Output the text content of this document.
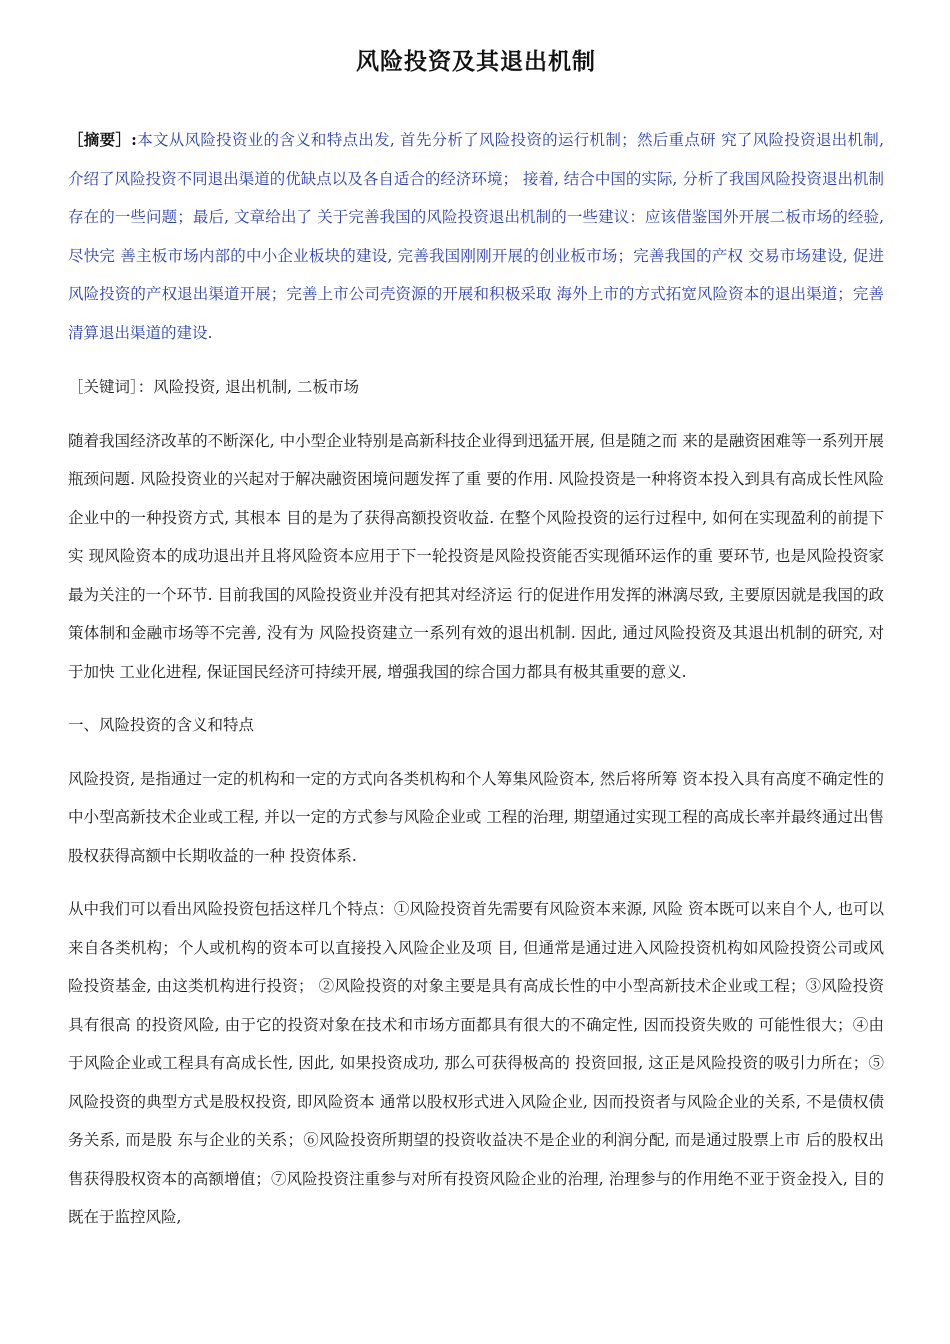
风险投资及其退出机制
［摘要］:本文从风险投资业的含义和特点出发, 首先分析了风险投资的运行机制；然后重点研 究了风险投资退出机制, 介绍了风险投资不同退出渠道的优缺点以及各自适合的经济环境； 接着, 结合中国的实际, 分析了我国风险投资退出机制存在的一些问题；最后, 文章给出了 关于完善我国的风险投资退出机制的一些建议：应该借鉴国外开展二板市场的经验, 尽快完 善主板市场内部的中小企业板块的建设, 完善我国刚刚开展的创业板市场；完善我国的产权 交易市场建设, 促进风险投资的产权退出渠道开展；完善上市公司壳资源的开展和积极采取 海外上市的方式拓宽风险资本的退出渠道；完善清算退出渠道的建设.
［关键词］：风险投资, 退出机制, 二板市场
随着我国经济改革的不断深化, 中小型企业特别是高新科技企业得到迅猛开展, 但是随之而 来的是融资困难等一系列开展瓶颈问题. 风险投资业的兴起对于解决融资困境问题发挥了重 要的作用. 风险投资是一种将资本投入到具有高成长性风险企业中的一种投资方式, 其根本 目的是为了获得高额投资收益. 在整个风险投资的运行过程中, 如何在实现盈利的前提下实 现风险资本的成功退出并且将风险资本应用于下一轮投资是风险投资能否实现循环运作的重 要环节, 也是风险投资家最为关注的一个环节. 目前我国的风险投资业并没有把其对经济运 行的促进作用发挥的淋漓尽致, 主要原因就是我国的政策体制和金融市场等不完善, 没有为 风险投资建立一系列有效的退出机制. 因此, 通过风险投资及其退出机制的研究, 对于加快 工业化进程, 保证国民经济可持续开展, 增强我国的综合国力都具有极其重要的意义.
一、风险投资的含义和特点
风险投资, 是指通过一定的机构和一定的方式向各类机构和个人筹集风险资本, 然后将所筹 资本投入具有高度不确定性的中小型高新技术企业或工程, 并以一定的方式参与风险企业或 工程的治理, 期望通过实现工程的高成长率并最终通过出售股权获得高额中长期收益的一种 投资体系.
从中我们可以看出风险投资包括这样几个特点：①风险投资首先需要有风险资本来源, 风险 资本既可以来自个人, 也可以来自各类机构；个人或机构的资本可以直接投入风险企业及项 目, 但通常是通过进入风险投资机构如风险投资公司或风险投资基金, 由这类机构进行投资； ②风险投资的对象主要是具有高成长性的中小型高新技术企业或工程；③风险投资具有很高 的投资风险, 由于它的投资对象在技术和市场方面都具有很大的不确定性, 因而投资失败的 可能性很大；④由于风险企业或工程具有高成长性, 因此, 如果投资成功, 那么可获得极高的 投资回报, 这正是风险投资的吸引力所在；⑤风险投资的典型方式是股权投资, 即风险资本 通常以股权形式进入风险企业, 因而投资者与风险企业的关系, 不是债权债务关系, 而是股 东与企业的关系；⑥风险投资所期望的投资收益决不是企业的利润分配, 而是通过股票上市 后的股权出售获得股权资本的高额增值；⑦风险投资注重参与对所有投资风险企业的治理, 治理参与的作用绝不亚于资金投入, 目的既在于监控风险,
